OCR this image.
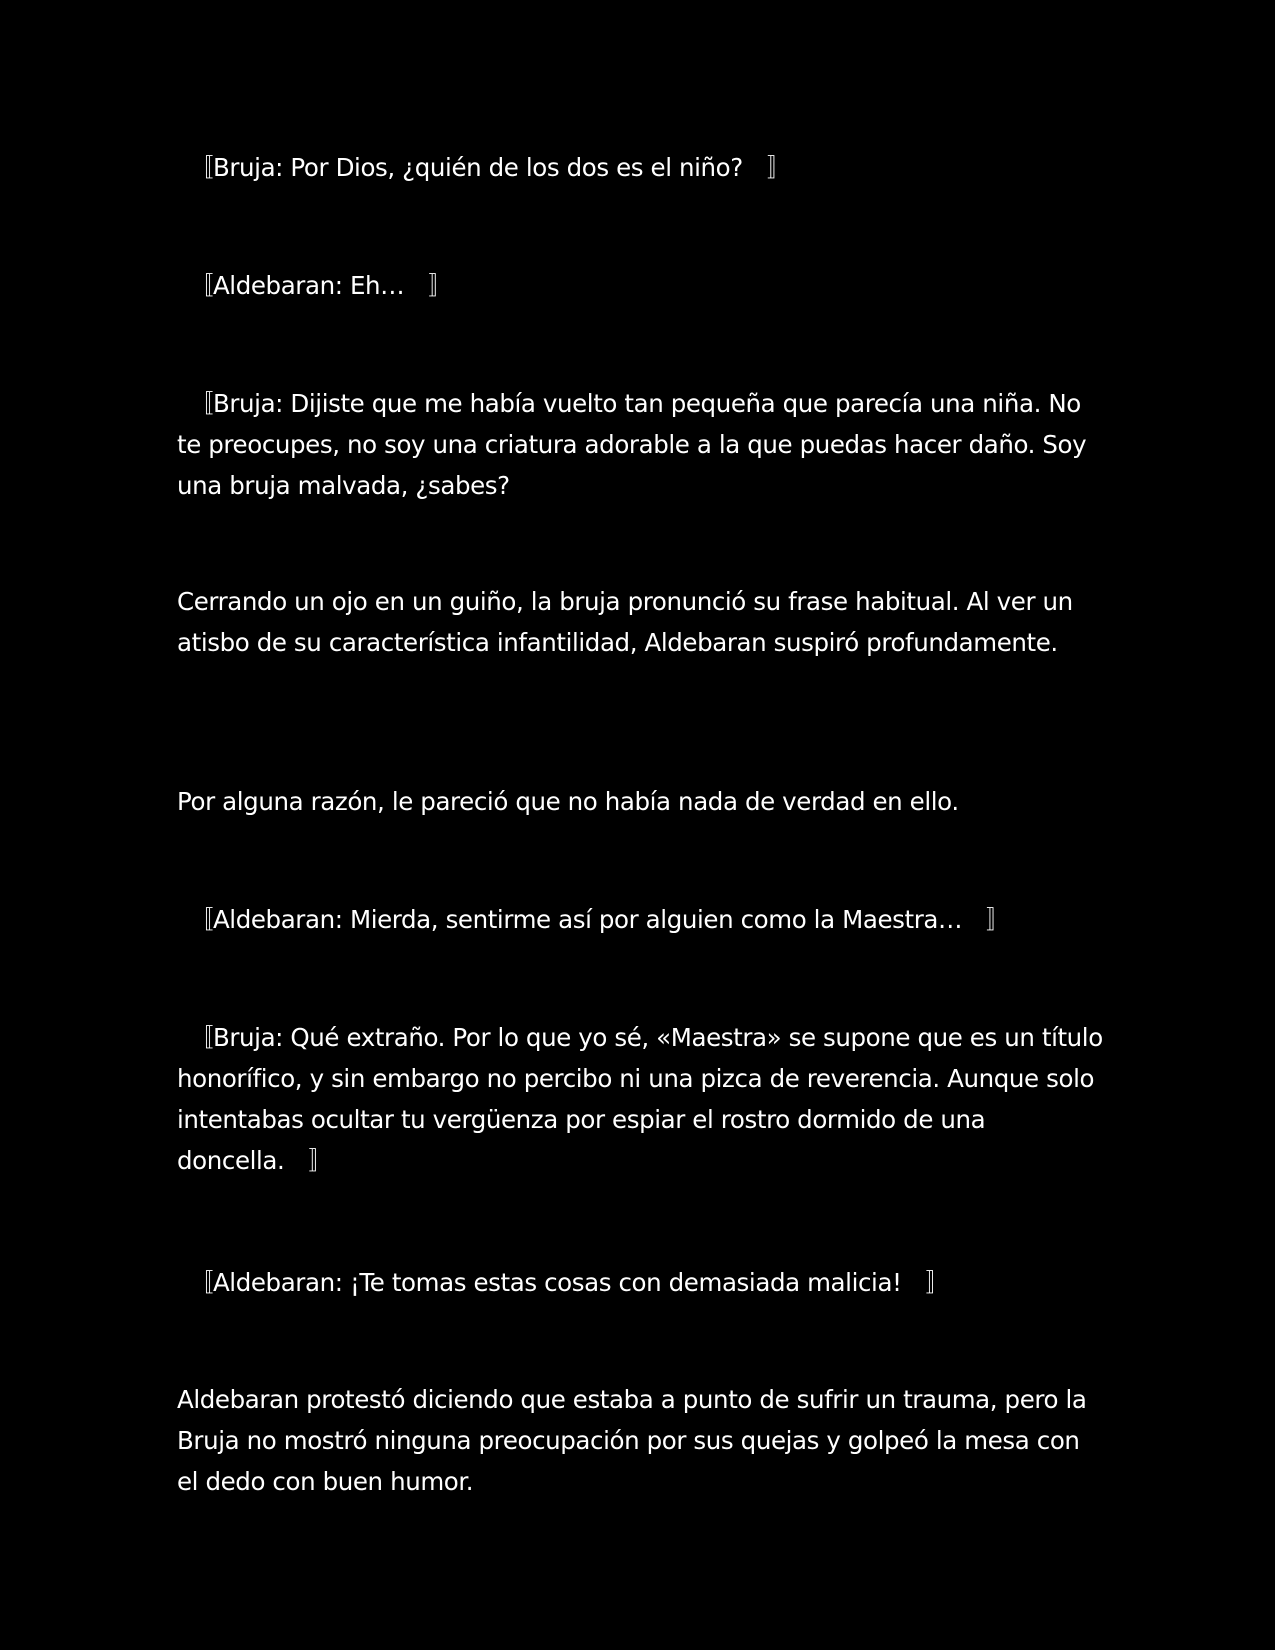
　〚Bruja: Por Dios, ¿quién de los dos es el niño?　〛

　〚Aldebaran: Eh…　〛

　〚Bruja: Dijiste que me había vuelto tan pequeña que parecía una niña. No te preocupes, no soy una criatura adorable a la que puedas hacer daño. Soy una bruja malvada, ¿sabes?

Cerrando un ojo en un guiño, la bruja pronunció su frase habitual. Al ver un atisbo de su característica infantilidad, Aldebaran suspiró profundamente.

Por alguna razón, le pareció que no había nada de verdad en ello.

　〚Aldebaran: Mierda, sentirme así por alguien como la Maestra…　〛

　〚Bruja: Qué extraño. Por lo que yo sé, «Maestra» se supone que es un título honorífico, y sin embargo no percibo ni una pizca de reverencia. Aunque solo intentabas ocultar tu vergüenza por espiar el rostro dormido de una doncella.　〛

　〚Aldebaran: ¡Te tomas estas cosas con demasiada malicia!　〛

Aldebaran protestó diciendo que estaba a punto de sufrir un trauma, pero la Bruja no mostró ninguna preocupación por sus quejas y golpeó la mesa con el dedo con buen humor.
